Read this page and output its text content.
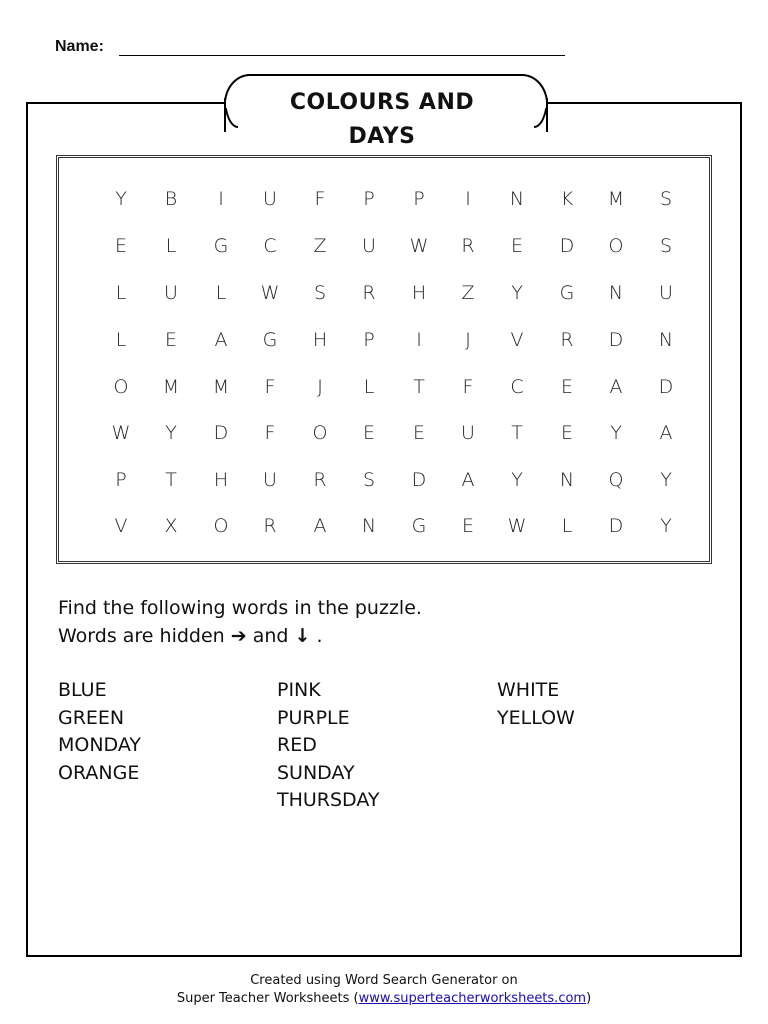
Name:
COLOURS AND
DAYS
Y	B	I	U	F	P	P	I	N	K	M	S
E	L	G	C	Z	U	W	R	E	D	O	S
L	U	L	W	S	R	H	Z	Y	G	N	U
L	E	A	G	H	P	I	J	V	R	D	N
O	M	M	F	J	L	T	F	C	E	A	D
W	Y	D	F	O	E	E	U	T	E	Y	A
P	T	H	U	R	S	D	A	Y	N	Q	Y
V	X	O	R	A	N	G	E	W	L	D	Y
Find the following words in the puzzle.
Words are hidden ➔ and ↓ .
BLUE
GREEN
MONDAY
ORANGE
PINK
PURPLE
RED
SUNDAY
THURSDAY
WHITE
YELLOW
Created using Word Search Generator on
Super Teacher Worksheets (www.superteacherworksheets.com)
